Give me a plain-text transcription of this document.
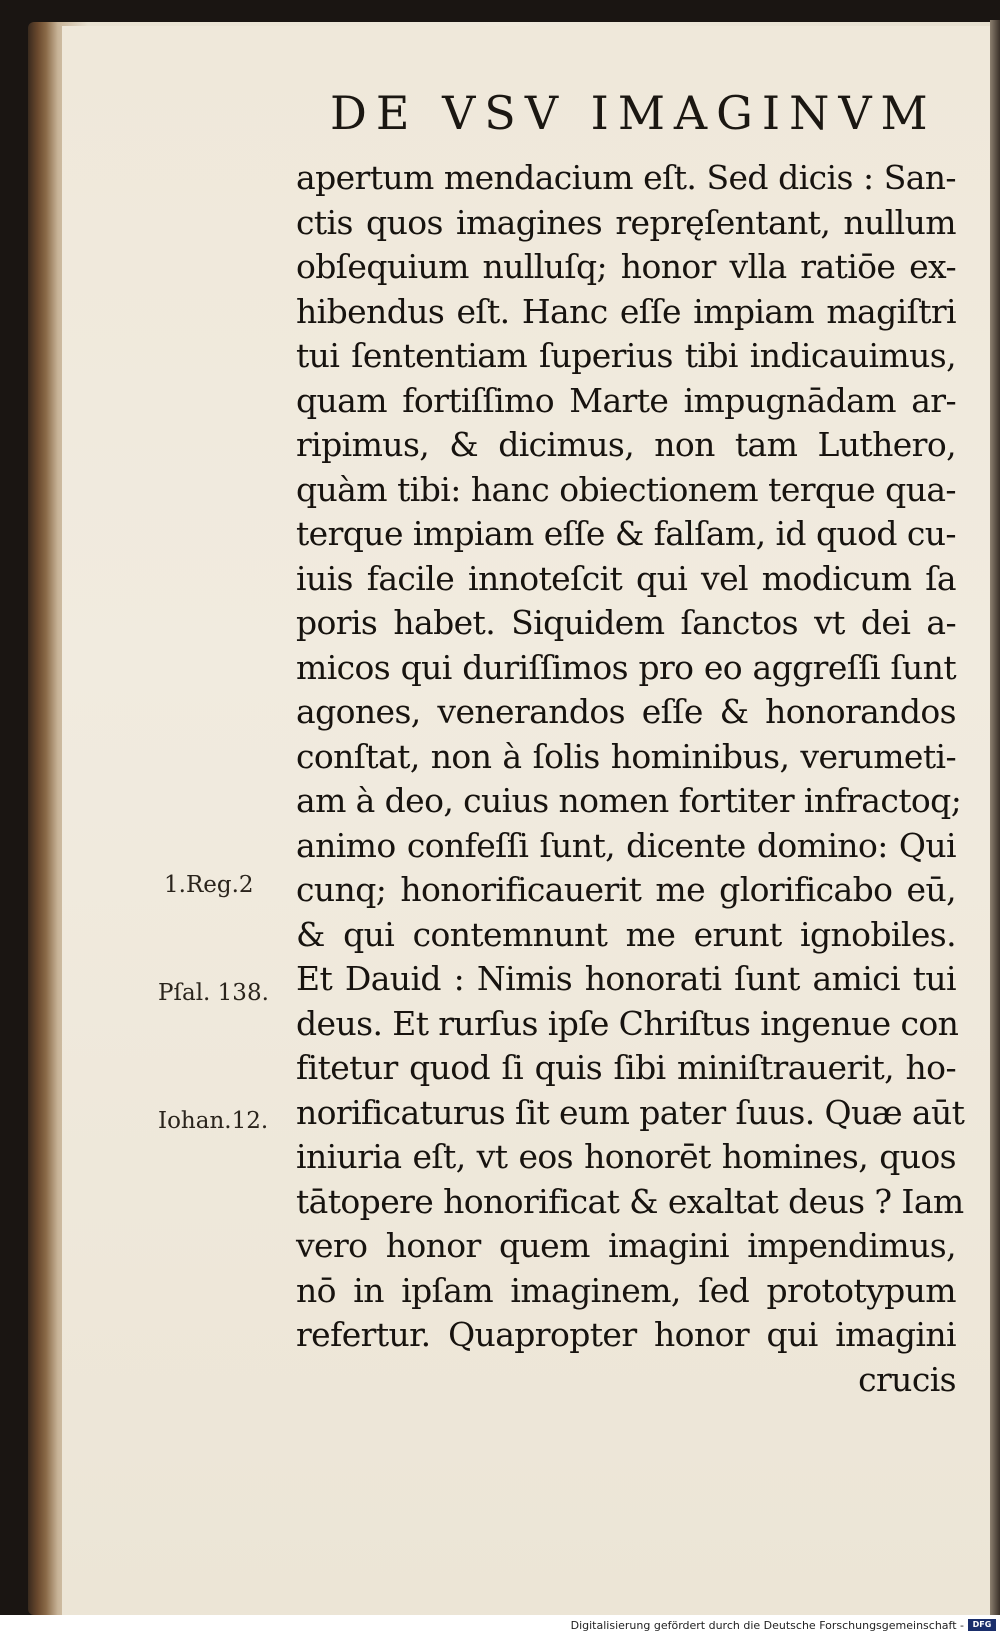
DE VSV IMAGINVM
apertum mendacium eſt. Sed dicis : San-
ctis quos imagines repręſentant, nullum
obſequium nulluſq; honor vlla ratiōe ex-
hibendus eſt. Hanc eſſe impiam magiſtri
tui ſententiam ſuperius tibi indicauimus,
quam fortiſſimo Marte impugnādam ar-
ripimus, & dicimus, non tam Luthero,
quàm tibi: hanc obiectionem terque qua-
terque impiam eſſe & falſam, id quod cu-
iuis facile innoteſcit qui vel modicum ſa
poris habet. Siquidem ſanctos vt dei a-
micos qui duriſſimos pro eo aggreſſi ſunt
agones, venerandos eſſe & honorandos
conſtat, non à ſolis hominibus, verumeti-
am à deo, cuius nomen fortiter infractoq;
animo confeſſi ſunt, dicente domino: Qui
cunq; honorificauerit me glorificabo eū,
& qui contemnunt me erunt ignobiles.
Et Dauid : Nimis honorati ſunt amici tui
deus. Et rurſus ipſe Chriſtus ingenue con
fitetur quod ſi quis ſibi miniſtrauerit, ho-
norificaturus ſit eum pater ſuus. Quæ aūt
iniuria eſt, vt eos honorēt homines, quos
tātopere honorificat & exaltat deus ? Iam
vero honor quem imagini impendimus,
nō in ipſam imaginem, ſed prototypum
refertur. Quapropter honor qui imagini
crucis
1.Reg.2
Pſal. 138.
Iohan.12.
Digitalisierung gefördert durch die Deutsche Forschungsgemeinschaft -	DFG
